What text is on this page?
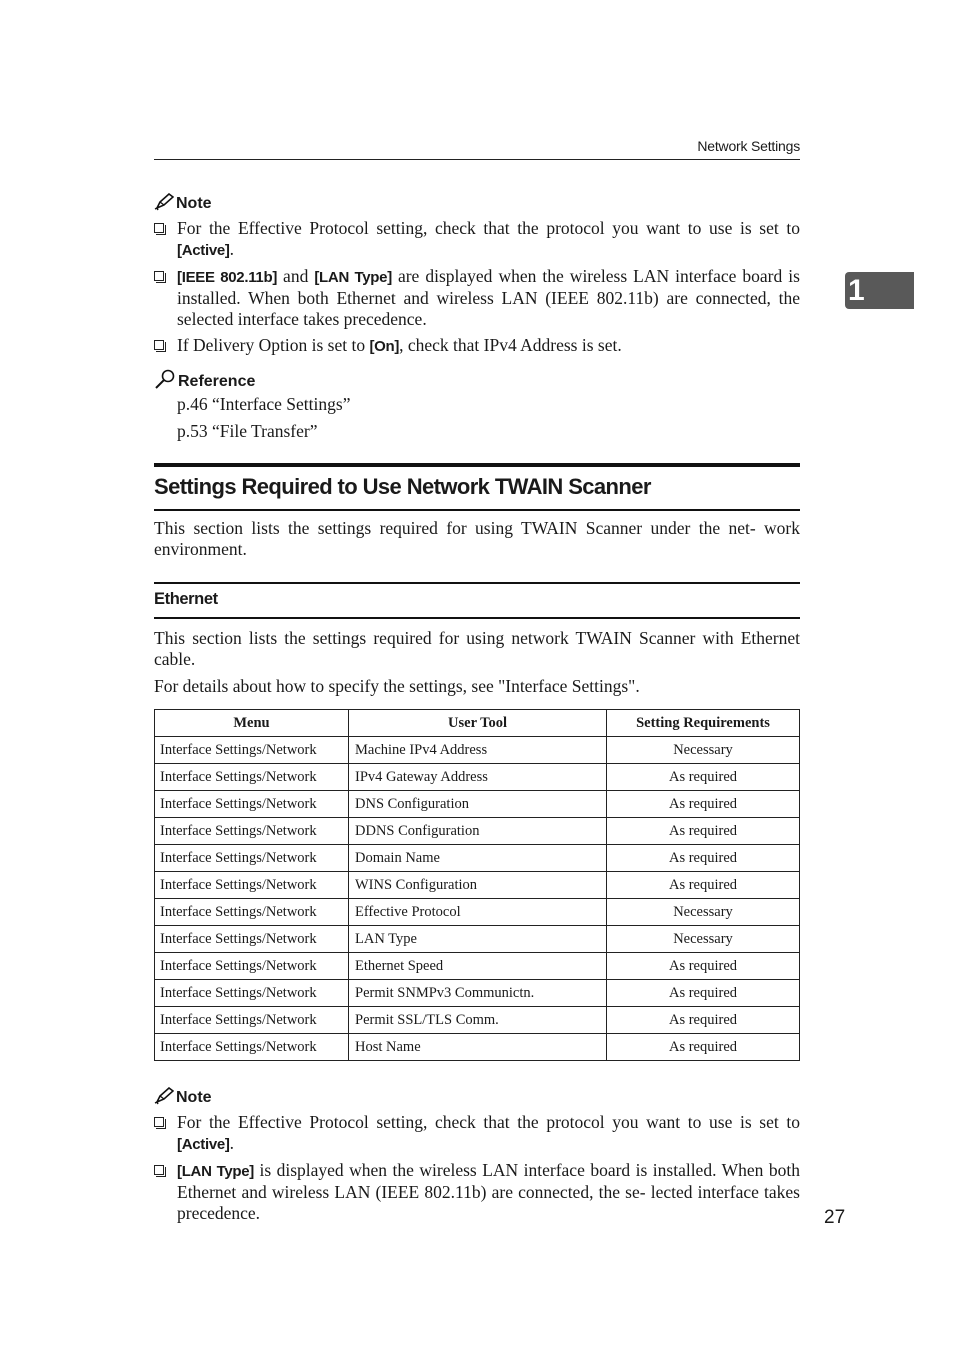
Network Settings
1
Note
For the Effective Protocol setting, check that the protocol you want to use is set to [Active].
[IEEE 802.11b] and [LAN Type] are displayed when the wireless LAN interface board is installed. When both Ethernet and wireless LAN (IEEE 802.11b) are connected, the selected interface takes precedence.
If Delivery Option is set to [On], check that IPv4 Address is set.
Reference
p.46 “Interface Settings”
p.53 “File Transfer”
Settings Required to Use Network TWAIN Scanner
This section lists the settings required for using TWAIN Scanner under the net- work environment.
Ethernet
This section lists the settings required for using network TWAIN Scanner with Ethernet cable.
For details about how to specify the settings, see "Interface Settings".
Menu	User Tool	Setting Requirements
Interface Settings/Network	Machine IPv4 Address	Necessary
Interface Settings/Network	IPv4 Gateway Address	As required
Interface Settings/Network	DNS Configuration	As required
Interface Settings/Network	DDNS Configuration	As required
Interface Settings/Network	Domain Name	As required
Interface Settings/Network	WINS Configuration	As required
Interface Settings/Network	Effective Protocol	Necessary
Interface Settings/Network	LAN Type	Necessary
Interface Settings/Network	Ethernet Speed	As required
Interface Settings/Network	Permit SNMPv3 Communictn.	As required
Interface Settings/Network	Permit SSL/TLS Comm.	As required
Interface Settings/Network	Host Name	As required
Note
For the Effective Protocol setting, check that the protocol you want to use is set to [Active].
[LAN Type] is displayed when the wireless LAN interface board is installed. When both Ethernet and wireless LAN (IEEE 802.11b) are connected, the se- lected interface takes precedence.	27
